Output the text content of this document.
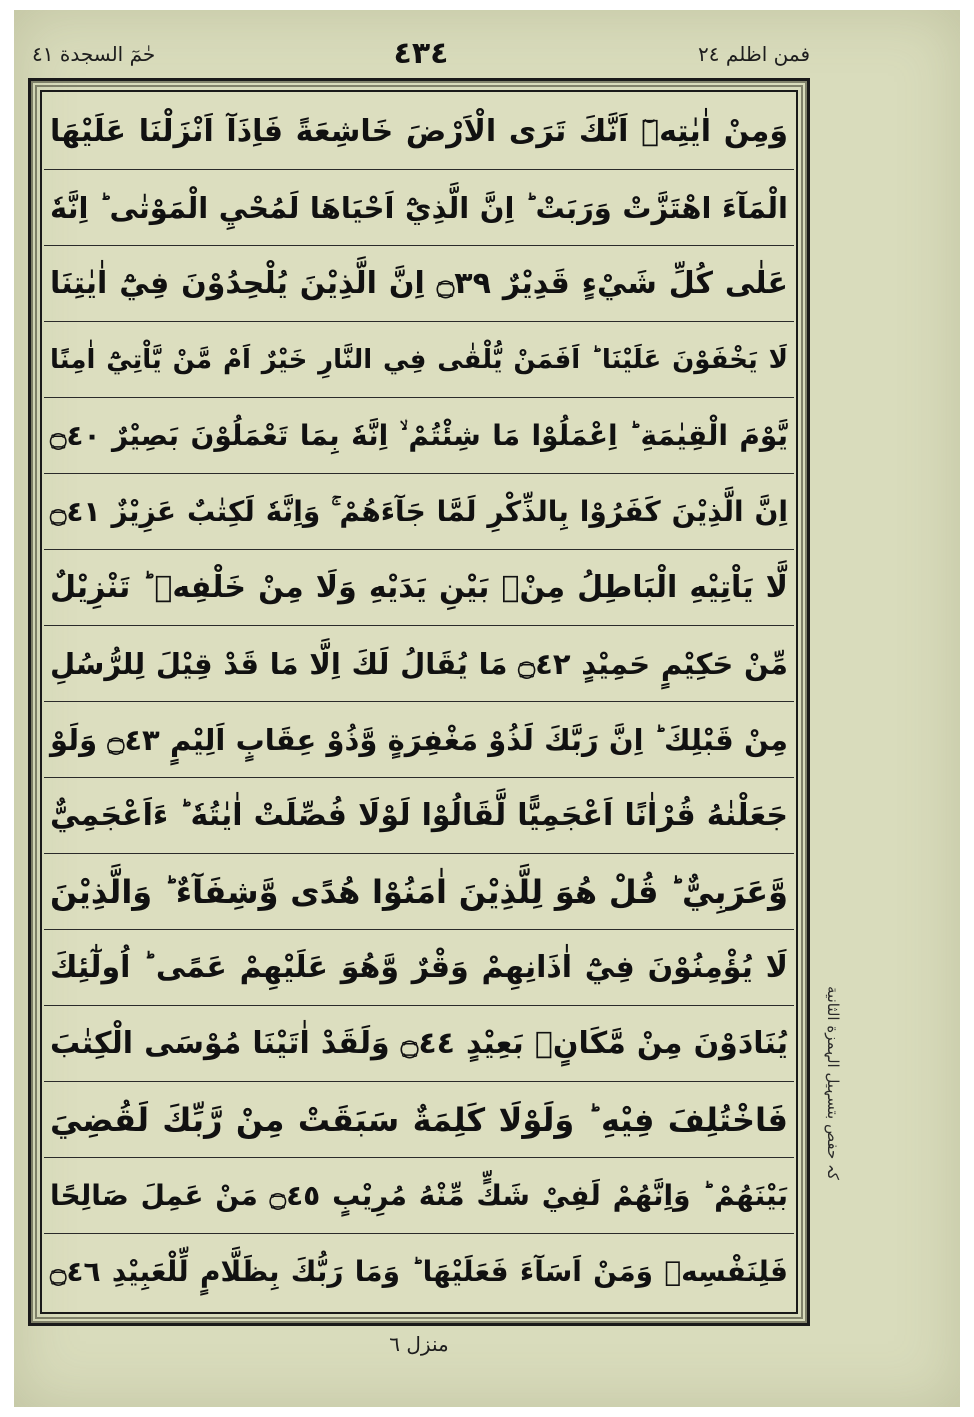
فمن اظلم ٢٤
٤٣٤
حٰمٓ السجدة ٤١
وَمِنْ اٰيٰتِهٖٓ اَنَّكَ تَرَى الْاَرْضَ خَاشِعَةً فَاِذَآ اَنْزَلْنَا عَلَيْهَا
الْمَآءَ اهْتَزَّتْ وَرَبَتْ ؕ اِنَّ الَّذِيْٓ اَحْيَاهَا لَمُحْيِ الْمَوْتٰى ؕ اِنَّهٗ
عَلٰى كُلِّ شَيْءٍ قَدِيْرٌ ۝٣٩ اِنَّ الَّذِيْنَ يُلْحِدُوْنَ فِيْٓ اٰيٰتِنَا
لَا يَخْفَوْنَ عَلَيْنَا ؕ اَفَمَنْ يُّلْقٰى فِي النَّارِ خَيْرٌ اَمْ مَّنْ يَّاْتِيْٓ اٰمِنًا
يَّوْمَ الْقِيٰمَةِ ؕ اِعْمَلُوْا مَا شِئْتُمْ ۙ اِنَّهٗ بِمَا تَعْمَلُوْنَ بَصِيْرٌ ۝٤٠
اِنَّ الَّذِيْنَ كَفَرُوْا بِالذِّكْرِ لَمَّا جَآءَهُمْ ۚ وَاِنَّهٗ لَكِتٰبٌ عَزِيْزٌ ۝٤١
لَّا يَاْتِيْهِ الْبَاطِلُ مِنْۢ بَيْنِ يَدَيْهِ وَلَا مِنْ خَلْفِهٖ ؕ تَنْزِيْلٌ
مِّنْ حَكِيْمٍ حَمِيْدٍ ۝٤٢ مَا يُقَالُ لَكَ اِلَّا مَا قَدْ قِيْلَ لِلرُّسُلِ
مِنْ قَبْلِكَ ؕ اِنَّ رَبَّكَ لَذُوْ مَغْفِرَةٍ وَّذُوْ عِقَابٍ اَلِيْمٍ ۝٤٣ وَلَوْ
جَعَلْنٰهُ قُرْاٰنًا اَعْجَمِيًّا لَّقَالُوْا لَوْلَا فُصِّلَتْ اٰيٰتُهٗ ؕ ءَاَعْجَمِيٌّ
وَّعَرَبِيٌّ ؕ قُلْ هُوَ لِلَّذِيْنَ اٰمَنُوْا هُدًى وَّشِفَآءٌ ؕ وَالَّذِيْنَ
لَا يُؤْمِنُوْنَ فِيْٓ اٰذَانِهِمْ وَقْرٌ وَّهُوَ عَلَيْهِمْ عَمًى ؕ اُولٰٓئِكَ
يُنَادَوْنَ مِنْ مَّكَانٍۭ بَعِيْدٍ ۝٤٤ وَلَقَدْ اٰتَيْنَا مُوْسَى الْكِتٰبَ
فَاخْتُلِفَ فِيْهِ ؕ وَلَوْلَا كَلِمَةٌ سَبَقَتْ مِنْ رَّبِّكَ لَقُضِيَ
بَيْنَهُمْ ؕ وَاِنَّهُمْ لَفِيْ شَكٍّ مِّنْهُ مُرِيْبٍ ۝٤٥ مَنْ عَمِلَ صَالِحًا
فَلِنَفْسِهٖ وَمَنْ اَسَآءَ فَعَلَيْهَا ؕ وَمَا رَبُّكَ بِظَلَّامٍ لِّلْعَبِيْدِ ۝٤٦
کہ حفص بتسہیل الہمزة الثانیة
منزل ٦
